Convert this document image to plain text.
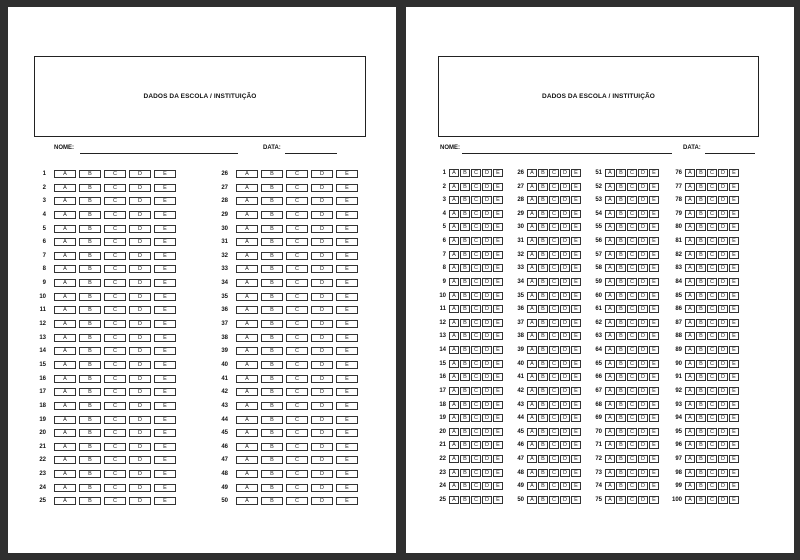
DADOS DA ESCOLA / INSTITUIÇÃO
NOME:	DATA:
1	A	B	C	D	E
2	A	B	C	D	E
3	A	B	C	D	E
4	A	B	C	D	E
5	A	B	C	D	E
6	A	B	C	D	E
7	A	B	C	D	E
8	A	B	C	D	E
9	A	B	C	D	E
10	A	B	C	D	E
11	A	B	C	D	E
12	A	B	C	D	E
13	A	B	C	D	E
14	A	B	C	D	E
15	A	B	C	D	E
16	A	B	C	D	E
17	A	B	C	D	E
18	A	B	C	D	E
19	A	B	C	D	E
20	A	B	C	D	E
21	A	B	C	D	E
22	A	B	C	D	E
23	A	B	C	D	E
24	A	B	C	D	E
25	A	B	C	D	E
26	A	B	C	D	E
27	A	B	C	D	E
28	A	B	C	D	E
29	A	B	C	D	E
30	A	B	C	D	E
31	A	B	C	D	E
32	A	B	C	D	E
33	A	B	C	D	E
34	A	B	C	D	E
35	A	B	C	D	E
36	A	B	C	D	E
37	A	B	C	D	E
38	A	B	C	D	E
39	A	B	C	D	E
40	A	B	C	D	E
41	A	B	C	D	E
42	A	B	C	D	E
43	A	B	C	D	E
44	A	B	C	D	E
45	A	B	C	D	E
46	A	B	C	D	E
47	A	B	C	D	E
48	A	B	C	D	E
49	A	B	C	D	E
50	A	B	C	D	E
DADOS DA ESCOLA / INSTITUIÇÃO
NOME:	DATA:
1	A	B	C	D	E
2	A	B	C	D	E
3	A	B	C	D	E
4	A	B	C	D	E
5	A	B	C	D	E
6	A	B	C	D	E
7	A	B	C	D	E
8	A	B	C	D	E
9	A	B	C	D	E
10	A	B	C	D	E
11	A	B	C	D	E
12	A	B	C	D	E
13	A	B	C	D	E
14	A	B	C	D	E
15	A	B	C	D	E
16	A	B	C	D	E
17	A	B	C	D	E
18	A	B	C	D	E
19	A	B	C	D	E
20	A	B	C	D	E
21	A	B	C	D	E
22	A	B	C	D	E
23	A	B	C	D	E
24	A	B	C	D	E
25	A	B	C	D	E
26	A	B	C	D	E
27	A	B	C	D	E
28	A	B	C	D	E
29	A	B	C	D	E
30	A	B	C	D	E
31	A	B	C	D	E
32	A	B	C	D	E
33	A	B	C	D	E
34	A	B	C	D	E
35	A	B	C	D	E
36	A	B	C	D	E
37	A	B	C	D	E
38	A	B	C	D	E
39	A	B	C	D	E
40	A	B	C	D	E
41	A	B	C	D	E
42	A	B	C	D	E
43	A	B	C	D	E
44	A	B	C	D	E
45	A	B	C	D	E
46	A	B	C	D	E
47	A	B	C	D	E
48	A	B	C	D	E
49	A	B	C	D	E
50	A	B	C	D	E
51	A	B	C	D	E
52	A	B	C	D	E
53	A	B	C	D	E
54	A	B	C	D	E
55	A	B	C	D	E
56	A	B	C	D	E
57	A	B	C	D	E
58	A	B	C	D	E
59	A	B	C	D	E
60	A	B	C	D	E
61	A	B	C	D	E
62	A	B	C	D	E
63	A	B	C	D	E
64	A	B	C	D	E
65	A	B	C	D	E
66	A	B	C	D	E
67	A	B	C	D	E
68	A	B	C	D	E
69	A	B	C	D	E
70	A	B	C	D	E
71	A	B	C	D	E
72	A	B	C	D	E
73	A	B	C	D	E
74	A	B	C	D	E
75	A	B	C	D	E
76	A	B	C	D	E
77	A	B	C	D	E
78	A	B	C	D	E
79	A	B	C	D	E
80	A	B	C	D	E
81	A	B	C	D	E
82	A	B	C	D	E
83	A	B	C	D	E
84	A	B	C	D	E
85	A	B	C	D	E
86	A	B	C	D	E
87	A	B	C	D	E
88	A	B	C	D	E
89	A	B	C	D	E
90	A	B	C	D	E
91	A	B	C	D	E
92	A	B	C	D	E
93	A	B	C	D	E
94	A	B	C	D	E
95	A	B	C	D	E
96	A	B	C	D	E
97	A	B	C	D	E
98	A	B	C	D	E
99	A	B	C	D	E
100	A	B	C	D	E
